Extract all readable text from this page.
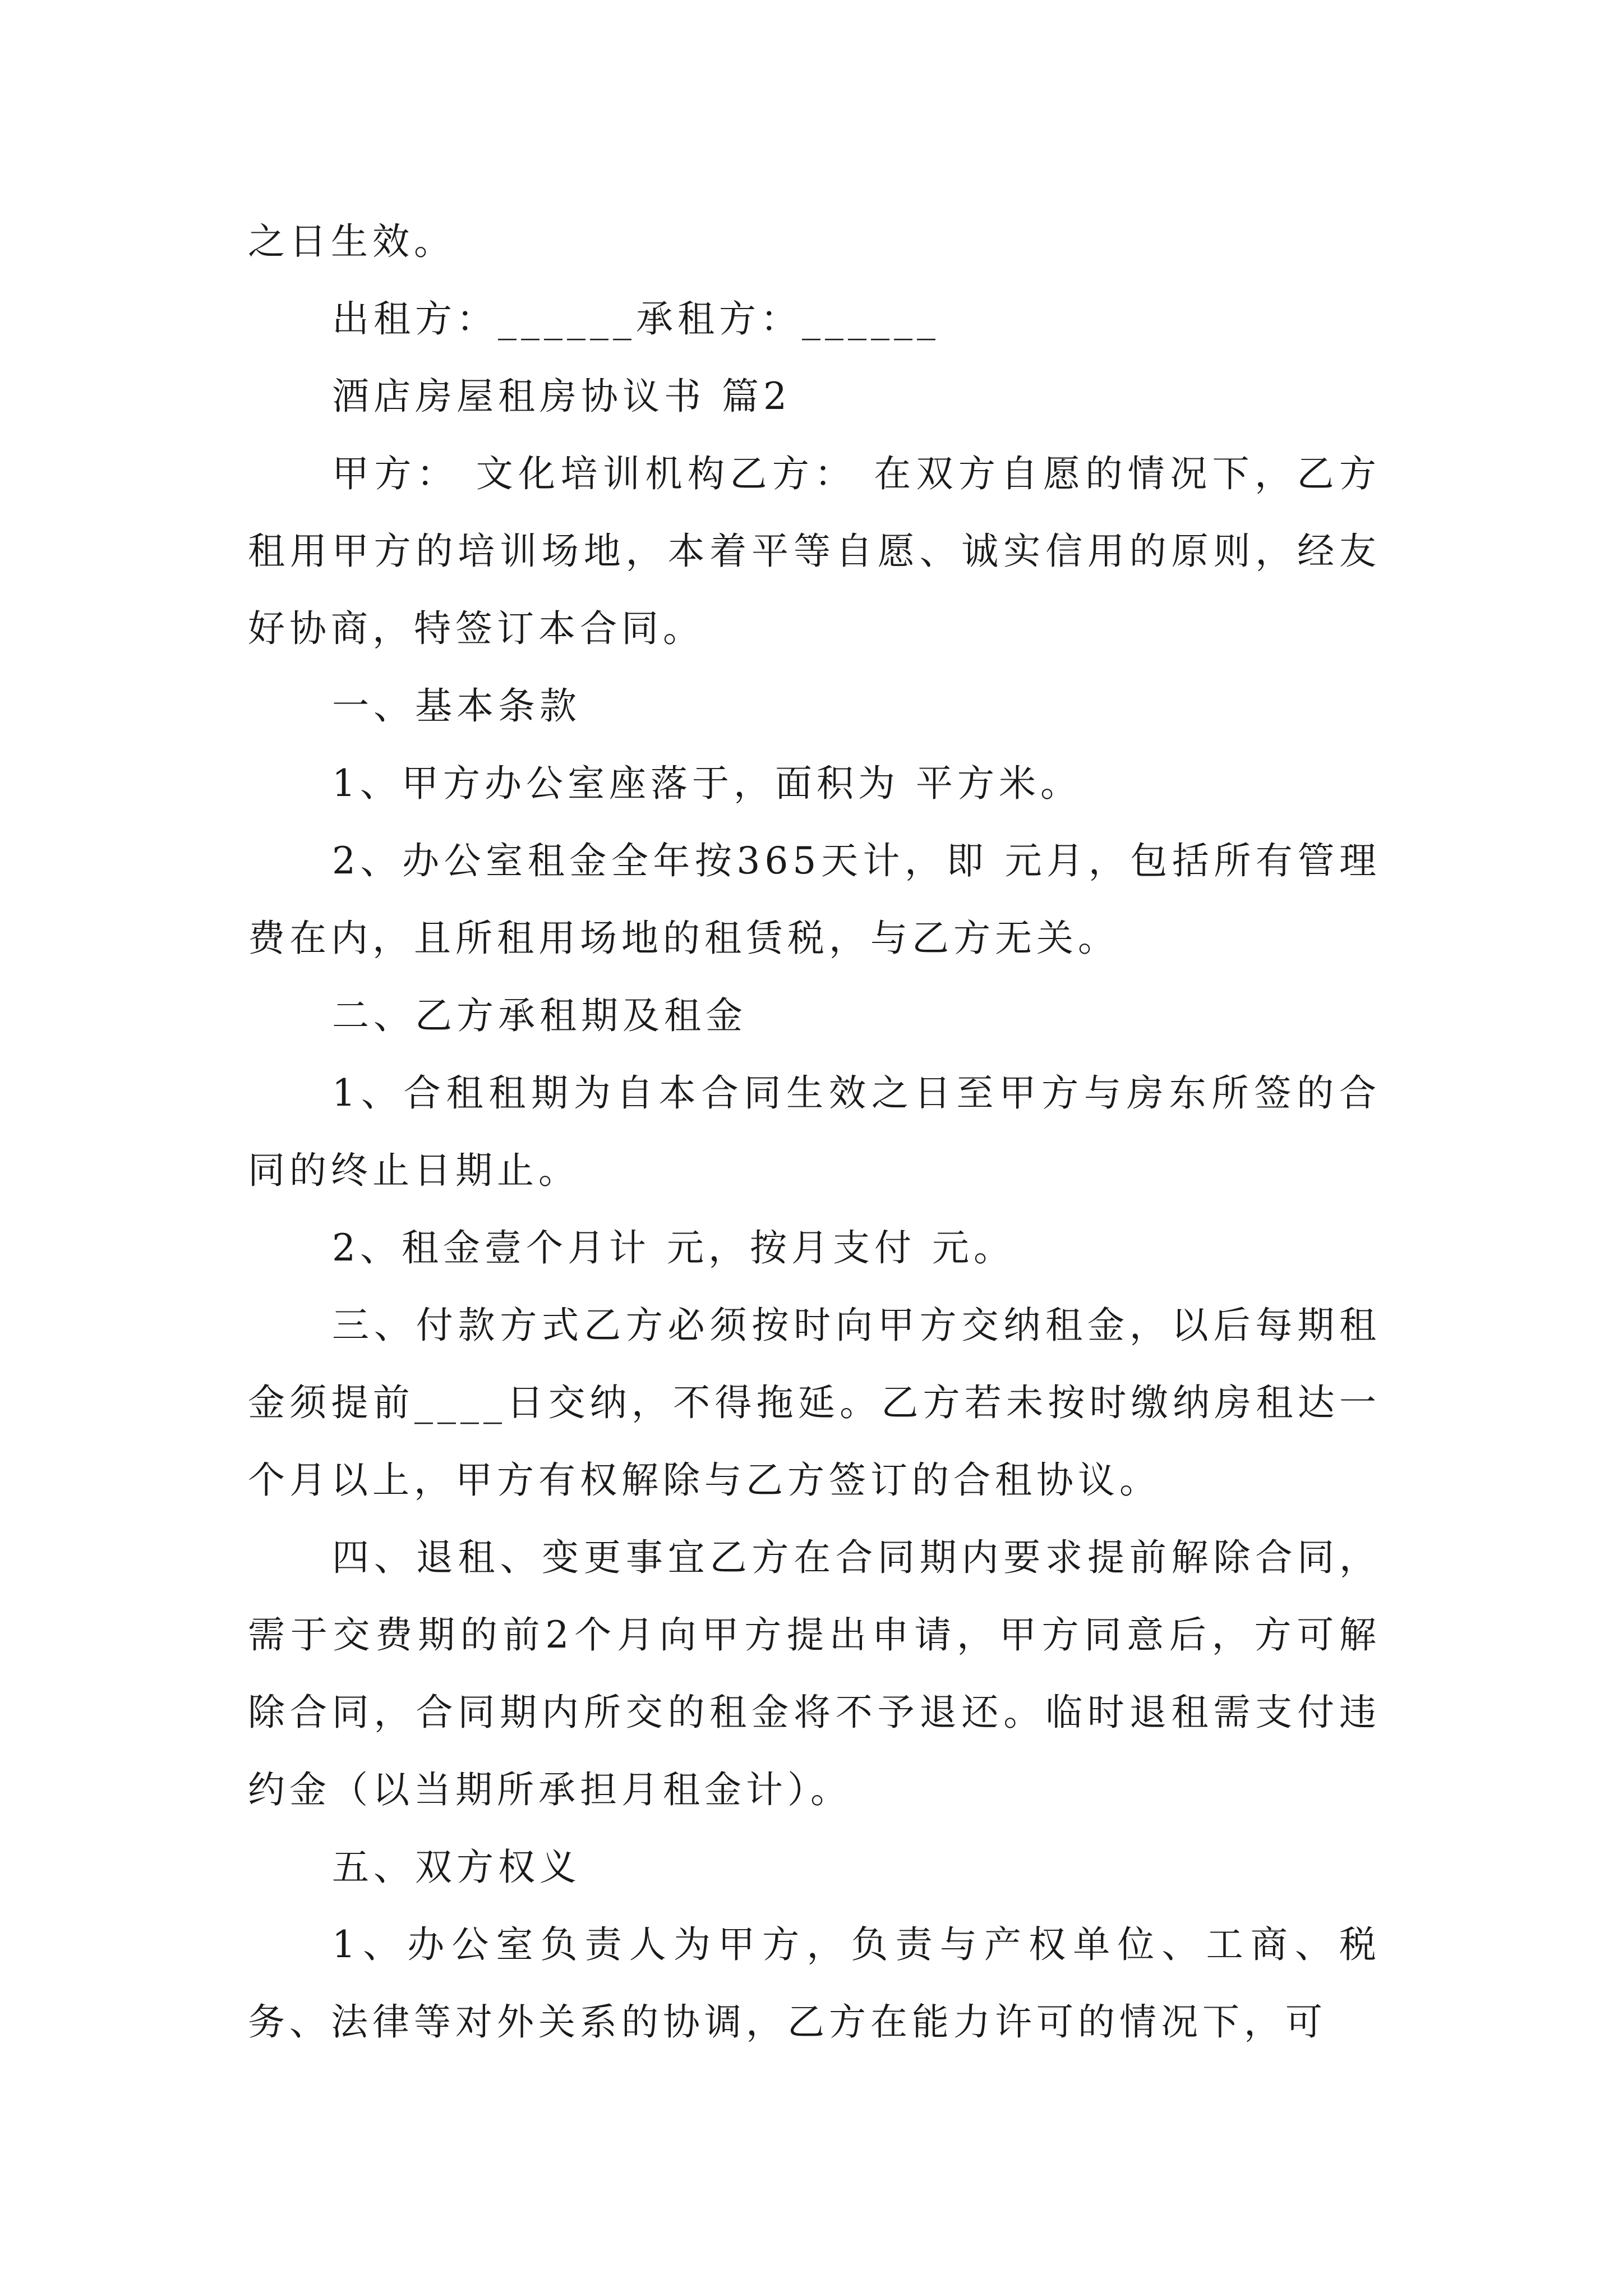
之日生效。

出租方：______承租方：______

酒店房屋租房协议书 篇2

甲方： 文化培训机构乙方： 在双方自愿的情况下，乙方租用甲方的培训场地，本着平等自愿、诚实信用的原则，经友好协商，特签订本合同。

一、基本条款

1、甲方办公室座落于，面积为 平方米。

2、办公室租金全年按365天计，即 元月，包括所有管理费在内，且所租用场地的租赁税，与乙方无关。

二、乙方承租期及租金

1、合租租期为自本合同生效之日至甲方与房东所签的合同的终止日期止。

2、租金壹个月计 元，按月支付 元。

三、付款方式乙方必须按时向甲方交纳租金，以后每期租金须提前____日交纳，不得拖延。乙方若未按时缴纳房租达一个月以上，甲方有权解除与乙方签订的合租协议。

四、退租、变更事宜乙方在合同期内要求提前解除合同，需于交费期的前2个月向甲方提出申请，甲方同意后，方可解除合同，合同期内所交的租金将不予退还。临时退租需支付违约金（以当期所承担月租金计）。

五、双方权义

1、办公室负责人为甲方，负责与产权单位、工商、税务、法律等对外关系的协调，乙方在能力许可的情况下，可
